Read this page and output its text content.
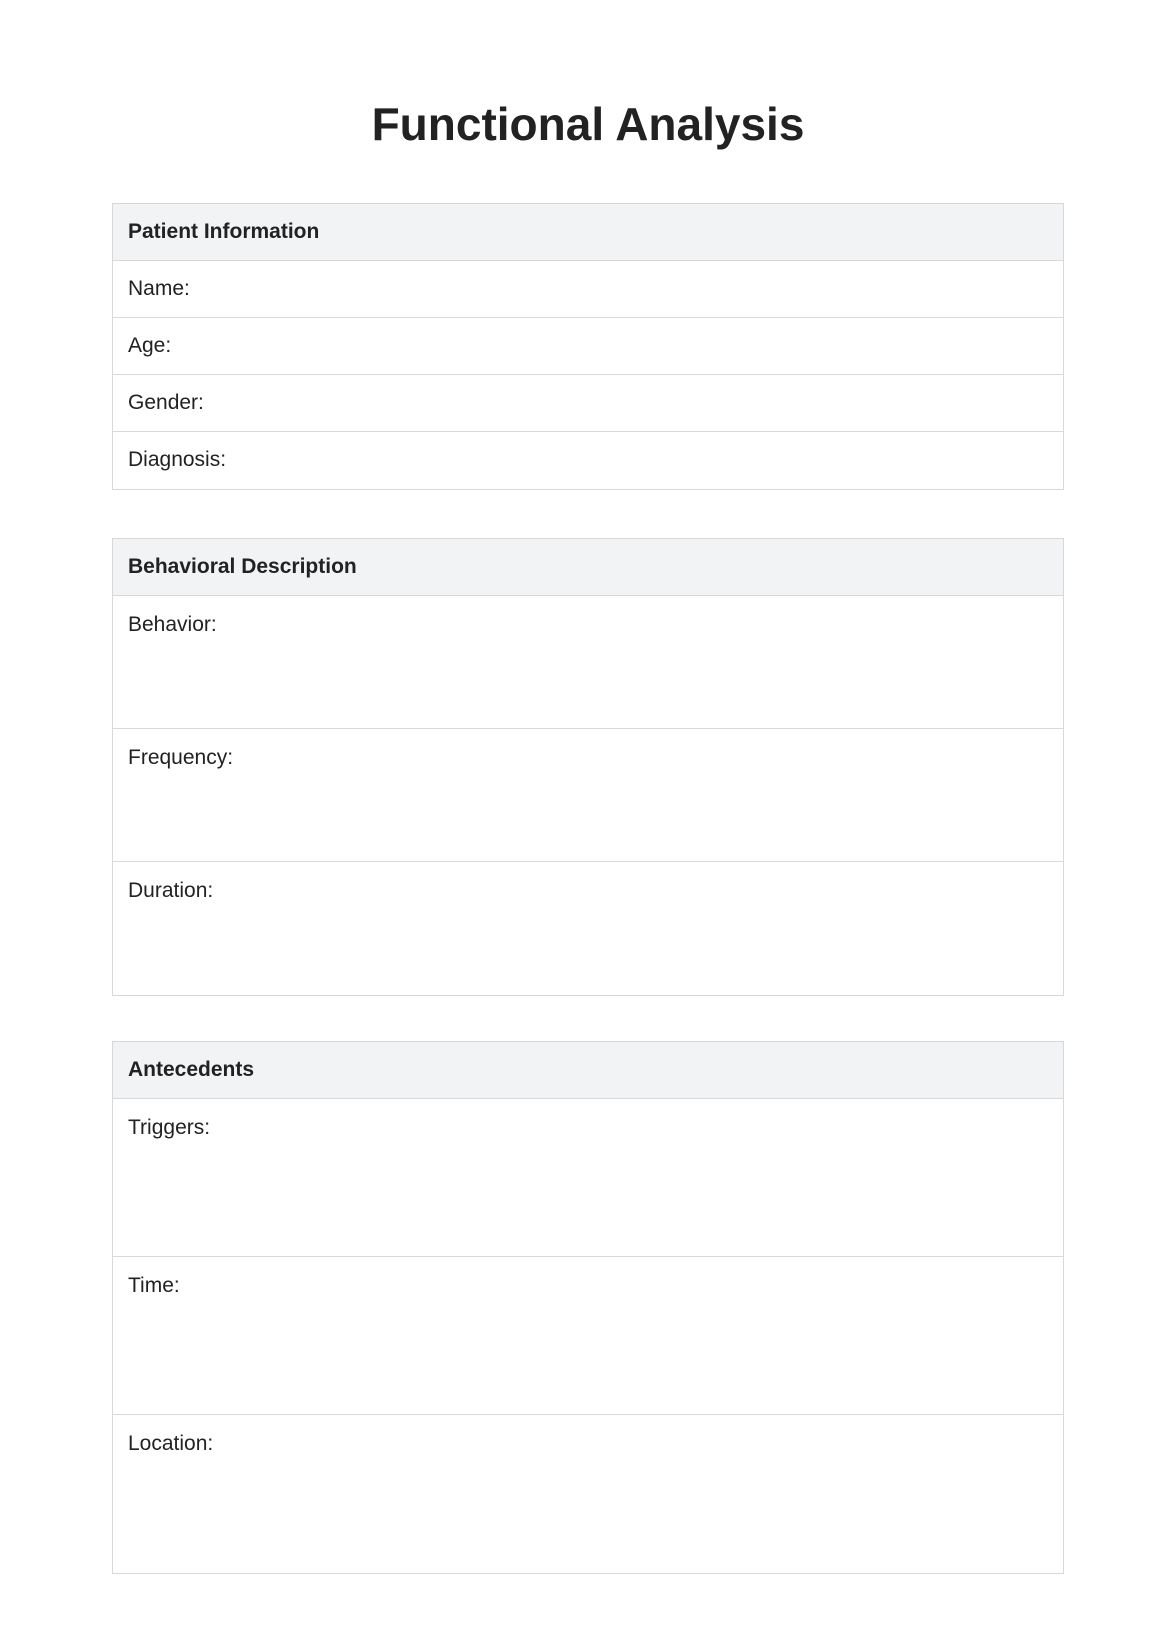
Functional Analysis
Patient Information
Name:
Age:
Gender:
Diagnosis:
Behavioral Description
Behavior:
Frequency:
Duration:
Antecedents
Triggers:
Time:
Location:
